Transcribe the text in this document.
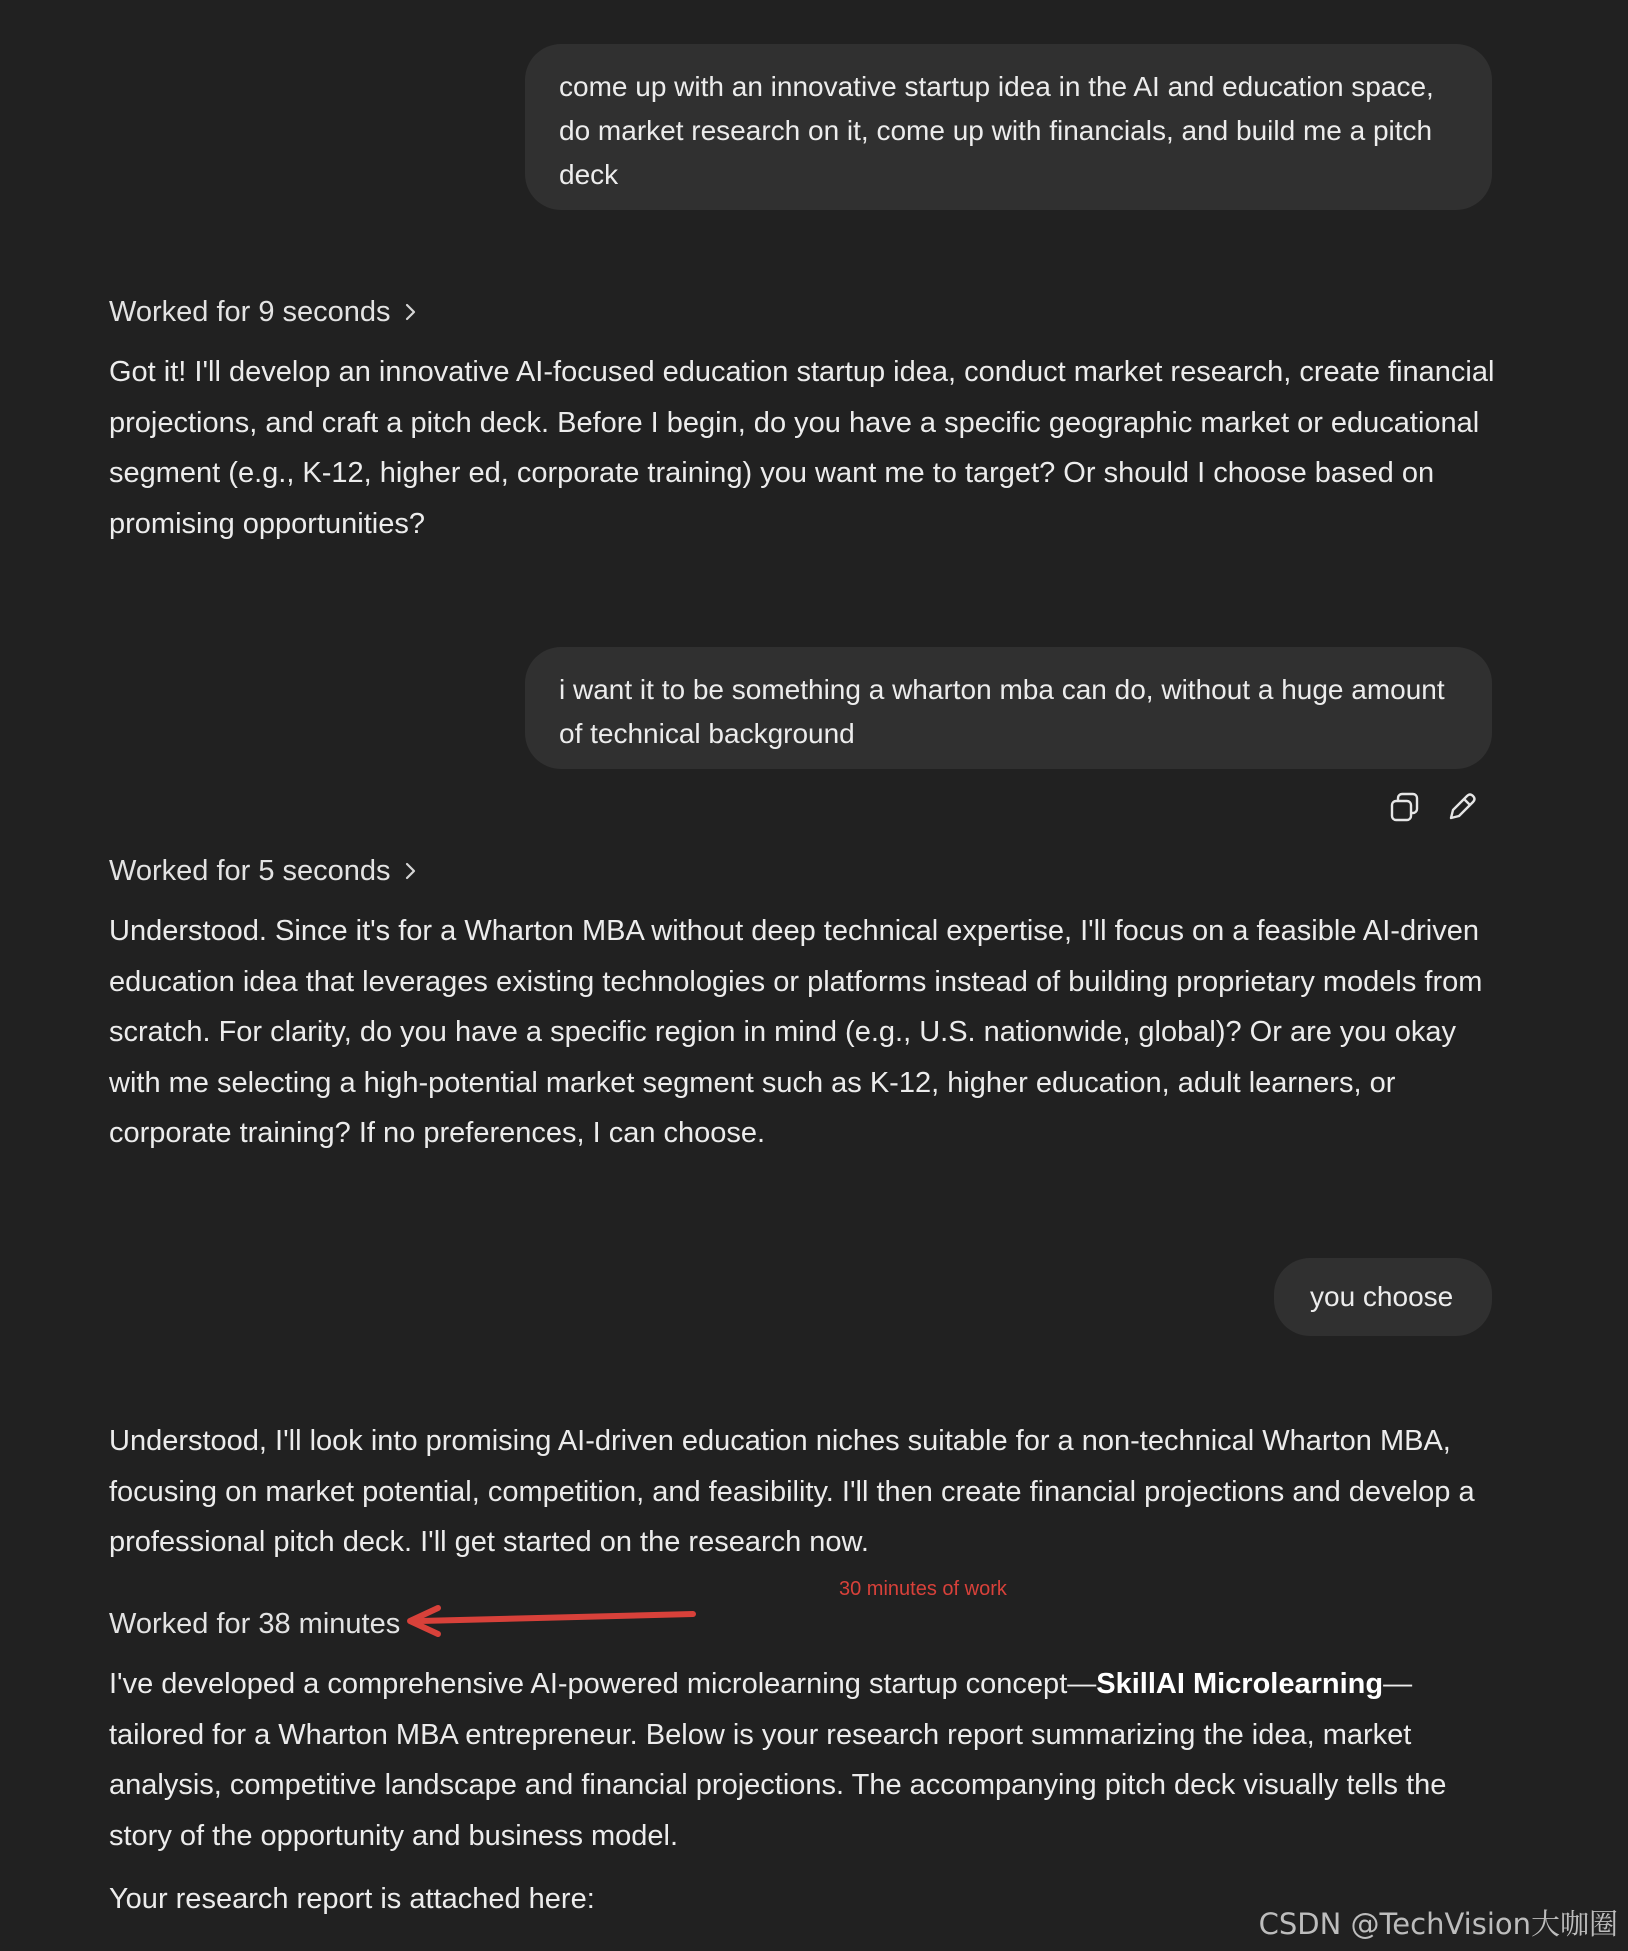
come up with an innovative startup idea in the AI and education space, do market research on it, come up with financials, and build me a pitch deck
Worked for 9 seconds
Got it! I'll develop an innovative AI-focused education startup idea, conduct market research, create financial projections, and craft a pitch deck. Before I begin, do you have a specific geographic market or educational segment (e.g., K-12, higher ed, corporate training) you want me to target? Or should I choose based on promising opportunities?
i want it to be something a wharton mba can do, without a huge amount of technical background
Worked for 5 seconds
Understood. Since it's for a Wharton MBA without deep technical expertise, I'll focus on a feasible AI-driven education idea that leverages existing technologies or platforms instead of building proprietary models from scratch. For clarity, do you have a specific region in mind (e.g., U.S. nationwide, global)? Or are you okay with me selecting a high-potential market segment such as K-12, higher education, adult learners, or corporate training? If no preferences, I can choose.
you choose
Understood, I'll look into promising AI-driven education niches suitable for a non-technical Wharton MBA, focusing on market potential, competition, and feasibility. I'll then create financial projections and develop a professional pitch deck. I'll get started on the research now.
Worked for 38 minutes
30 minutes of work
I've developed a comprehensive AI-powered microlearning startup concept—SkillAI Microlearning—tailored for a Wharton MBA entrepreneur. Below is your research report summarizing the idea, market analysis, competitive landscape and financial projections. The accompanying pitch deck visually tells the story of the opportunity and business model.
Your research report is attached here:
CSDN @TechVision大咖圈
